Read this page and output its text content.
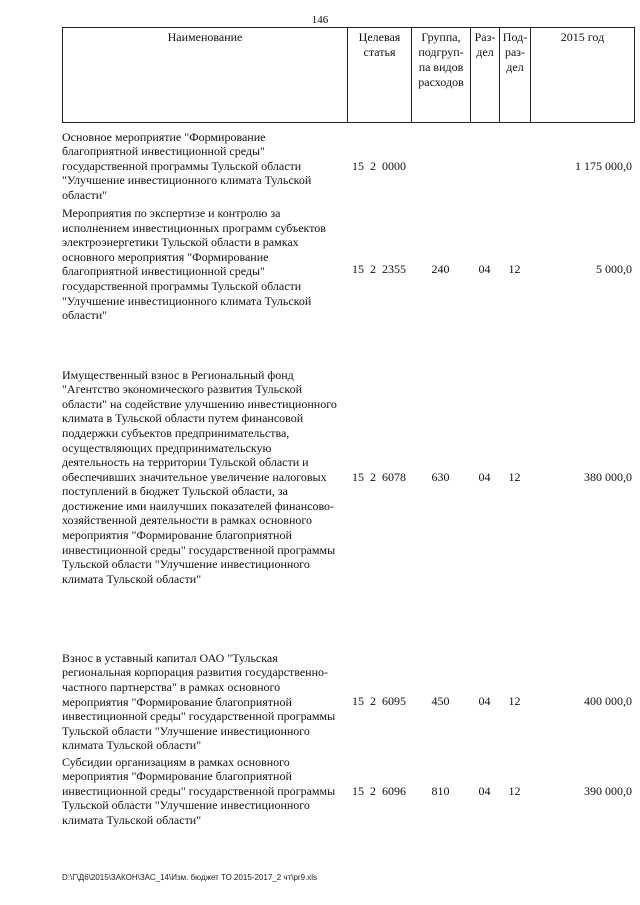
146
Наименование	Целевая статья	Группа, подгруп-па видов расходов	Раз-дел	Под-раз-дел	2015 год
Основное мероприятие "Формирование благоприятной инвестиционной среды" государственной программы Тульской области "Улучшение инвестиционного климата Тульской области"	15 2 0000				1 175 000,0
Мероприятия по экспертизе и контролю за исполнением инвестиционных программ субъектов электроэнергетики Тульской области в рамках основного мероприятия "Формирование благоприятной инвестиционной среды" государственной программы Тульской области "Улучшение инвестиционного климата Тульской области"	15 2 2355	240	04	12	5 000,0
Имущественный взнос в Региональный фонд "Агентство экономического развития Тульской области" на содействие улучшению инвестиционного климата в Тульской области путем финансовой поддержки субъектов предпринимательства, осуществляющих предпринимательскую деятельность на территории Тульской области и обеспечивших значительное увеличение налоговых поступлений в бюджет Тульской области, за достижение ими наилучших показателей финансово-хозяйственной деятельности в рамках основного мероприятия "Формирование благоприятной инвестиционной среды" государственной программы Тульской области "Улучшение инвестиционного климата Тульской области"	15 2 6078	630	04	12	380 000,0
Взнос в уставный капитал ОАО "Тульская региональная корпорация развития государственно-частного партнерства" в рамках основного мероприятия "Формирование благоприятной инвестиционной среды" государственной программы Тульской области "Улучшение инвестиционного климата Тульской области"	15 2 6095	450	04	12	400 000,0
Субсидии организациям в рамках основного мероприятия "Формирование благоприятной инвестиционной среды" государственной программы Тульской области "Улучшение инвестиционного климата Тульской области"	15 2 6096	810	04	12	390 000,0
D:\Г\Д6\2015\ЗАКОН\ЗАС_14\Изм. бюджет ТО 2015-2017_2 чт\pr9.xls
